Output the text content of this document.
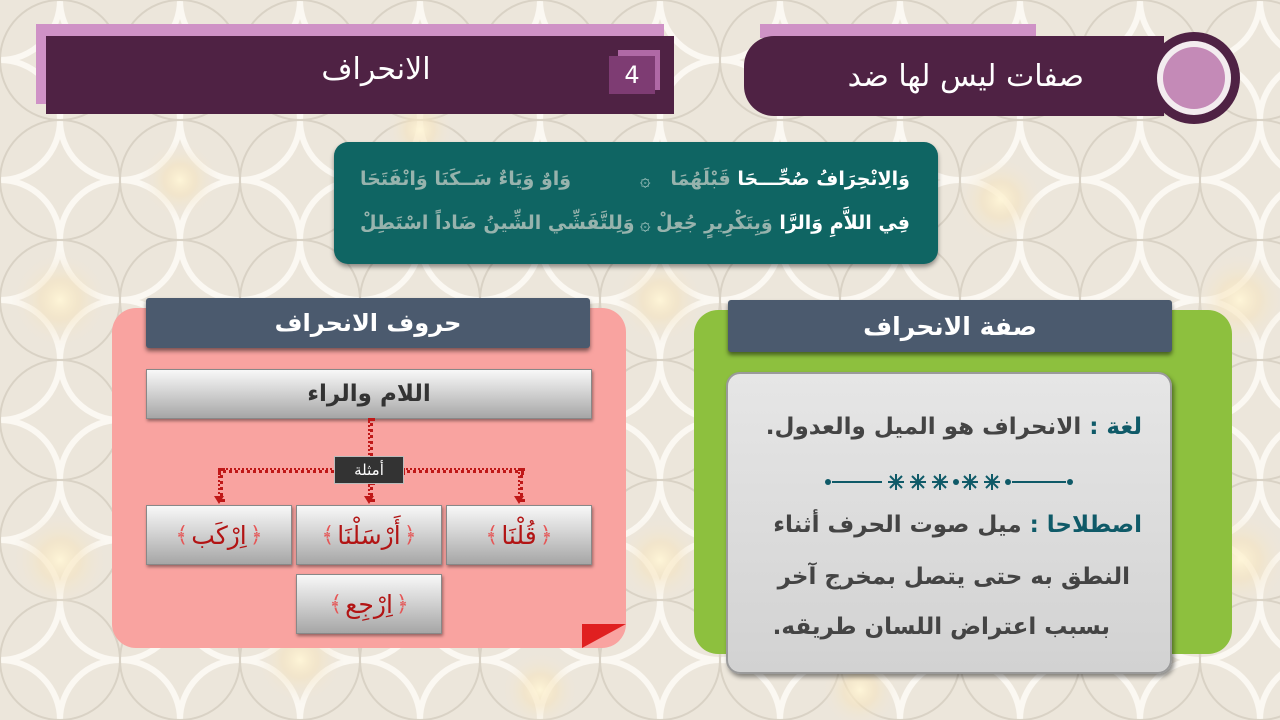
صفات ليس لها ضد
الانحراف	4
وَالِانْحِرَافُ صُحِّـــحَا قَبْلَهُمَا
۞
وَاوٌ وَيَاءٌ سَــكَنَا وَانْفَتَحَا
فِي اللاَّمِ وَالرَّا وَبِتَكْرِيرٍ جُعِلْ
۞
وَلِلتَّفَشِّي الشِّينُ ضَاداً اسْتَطِلْ
حروف الانحراف
اللام والراء
أمثلة
﴿
قُلْنَا
﴾
﴿
أَرْسَلْنَا
﴾
﴿
اِرْكَب
﴾
﴿
اِرْجِع
﴾
صفة الانحراف
لغة : الانحراف هو الميل والعدول.
اصطلاحا : ميل صوت الحرف أثناء
النطق به حتى يتصل بمخرج آخر
بسبب اعتراض اللسان طريقه.
